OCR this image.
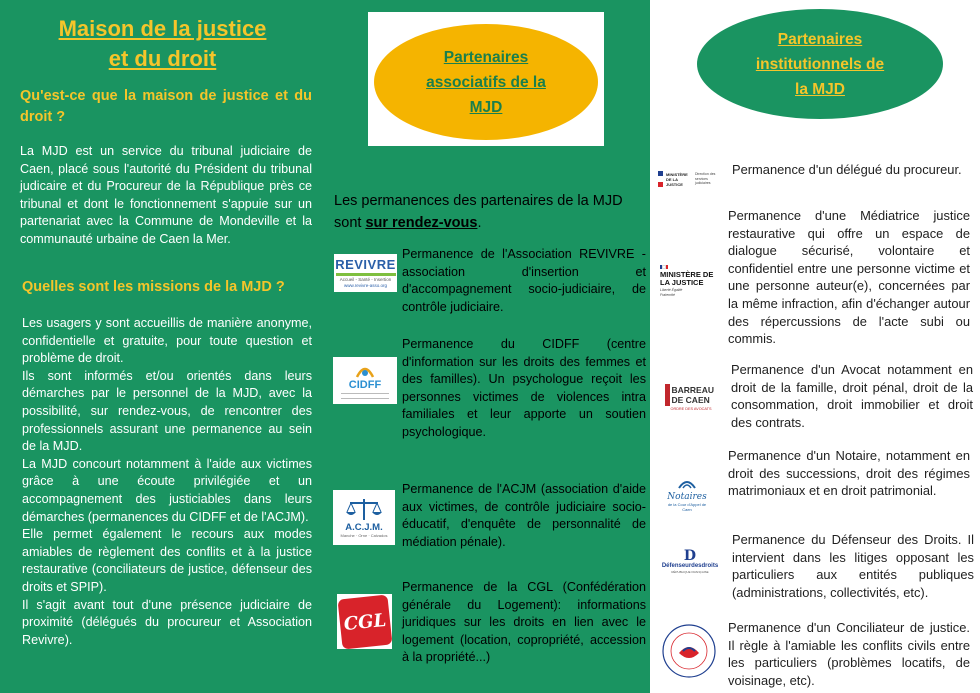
Maison de la justice
et du droit
Qu'est-ce que la maison de justice et du droit ?

La MJD est un service du tribunal judiciaire de Caen, placé sous l'autorité du Président du tribunal judicaire et du Procureur de la République près ce tribunal et dont le fonctionnement s'appuie sur un partenariat avec la Commune de Mondeville et la communauté urbaine de Caen la Mer.

Quelles sont les missions de la MJD ?

Les usagers y sont accueillis de manière anonyme, confidentielle et gratuite, pour toute question et problème de droit.

Ils sont informés et/ou orientés dans leurs démarches par le personnel de la MJD, avec la possibilité, sur rendez-vous, de rencontrer des professionnels assurant une permanence au sein de la MJD.

La MJD concourt notamment à l'aide aux victimes grâce à une écoute privilégiée et un accompagnement des justiciables dans leurs démarches (permanences du CIDFF et de l'ACJM).

Elle permet également le recours aux modes amiables de règlement des conflits et à la justice restaurative (conciliateurs de justice, défenseur des droits et SPIP).

Il s'agit avant tout d'une présence judiciaire de proximité (délégués du procureur et Association Revivre).

Partenaires
associatifs de la
MJD

Les permanences des partenaires de la MJD sont sur rendez-vous.

REVIVRE
Accueil - Santé - Insertion
www.revivre-asso.org

Permanence de l'Association REVIVRE - association d'insertion et d'accompagnement socio-judiciaire, de contrôle judiciaire.

CIDFF

Permanence du CIDFF (centre d'information sur les droits des femmes et des familles). Un psychologue reçoit les personnes victimes de violences intra familiales et leur apporte un soutien psychologique.

A.C.J.M.
Manche · Orne · Calvados

Permanence de l'ACJM (association d'aide aux victimes, de contrôle judiciaire socio-éducatif, d'enquête de personnalité de médiation pénale).

CGL

Permanence de la CGL (Confédération générale du Logement): informations juridiques sur les droits en lien avec le logement (location, copropriété, accession à la propriété...)

Partenaires
institutionnels de
la MJD
MINISTÈRE DE LA JUSTICE
Direction des services judiciaires

Permanence d'un délégué du procureur.

MINISTÈRE DE LA JUSTICE
Liberté Égalité Fraternité

Permanence d'une Médiatrice justice restaurative qui offre un espace de dialogue sécurisé, volontaire et confidentiel entre une personne victime et une personne auteur(e), concernées par la même infraction, afin d'échanger autour des répercussions de l'acte subi ou commis.

BARREAU DE CAEN
ORDRE DES AVOCATS

Permanence d'un Avocat notamment en droit de la famille, droit pénal, droit de la consommation, droit immobilier et droit des contrats.

Notaires
de la Cour d'Appel de Caen

Permanence d'un Notaire, notamment en droit des successions, droit des régimes matrimoniaux et en droit patrimonial.

D
Défenseurdesdroits
RÉPUBLIQUE FRANÇAISE

Permanence du Défenseur des Droits. Il intervient dans les litiges opposant les particuliers aux entités publiques (administrations, collectivités, etc).

Permanence d'un Conciliateur de justice. Il règle à l'amiable les conflits civils entre les particuliers (problèmes locatifs, de voisinage, etc).
